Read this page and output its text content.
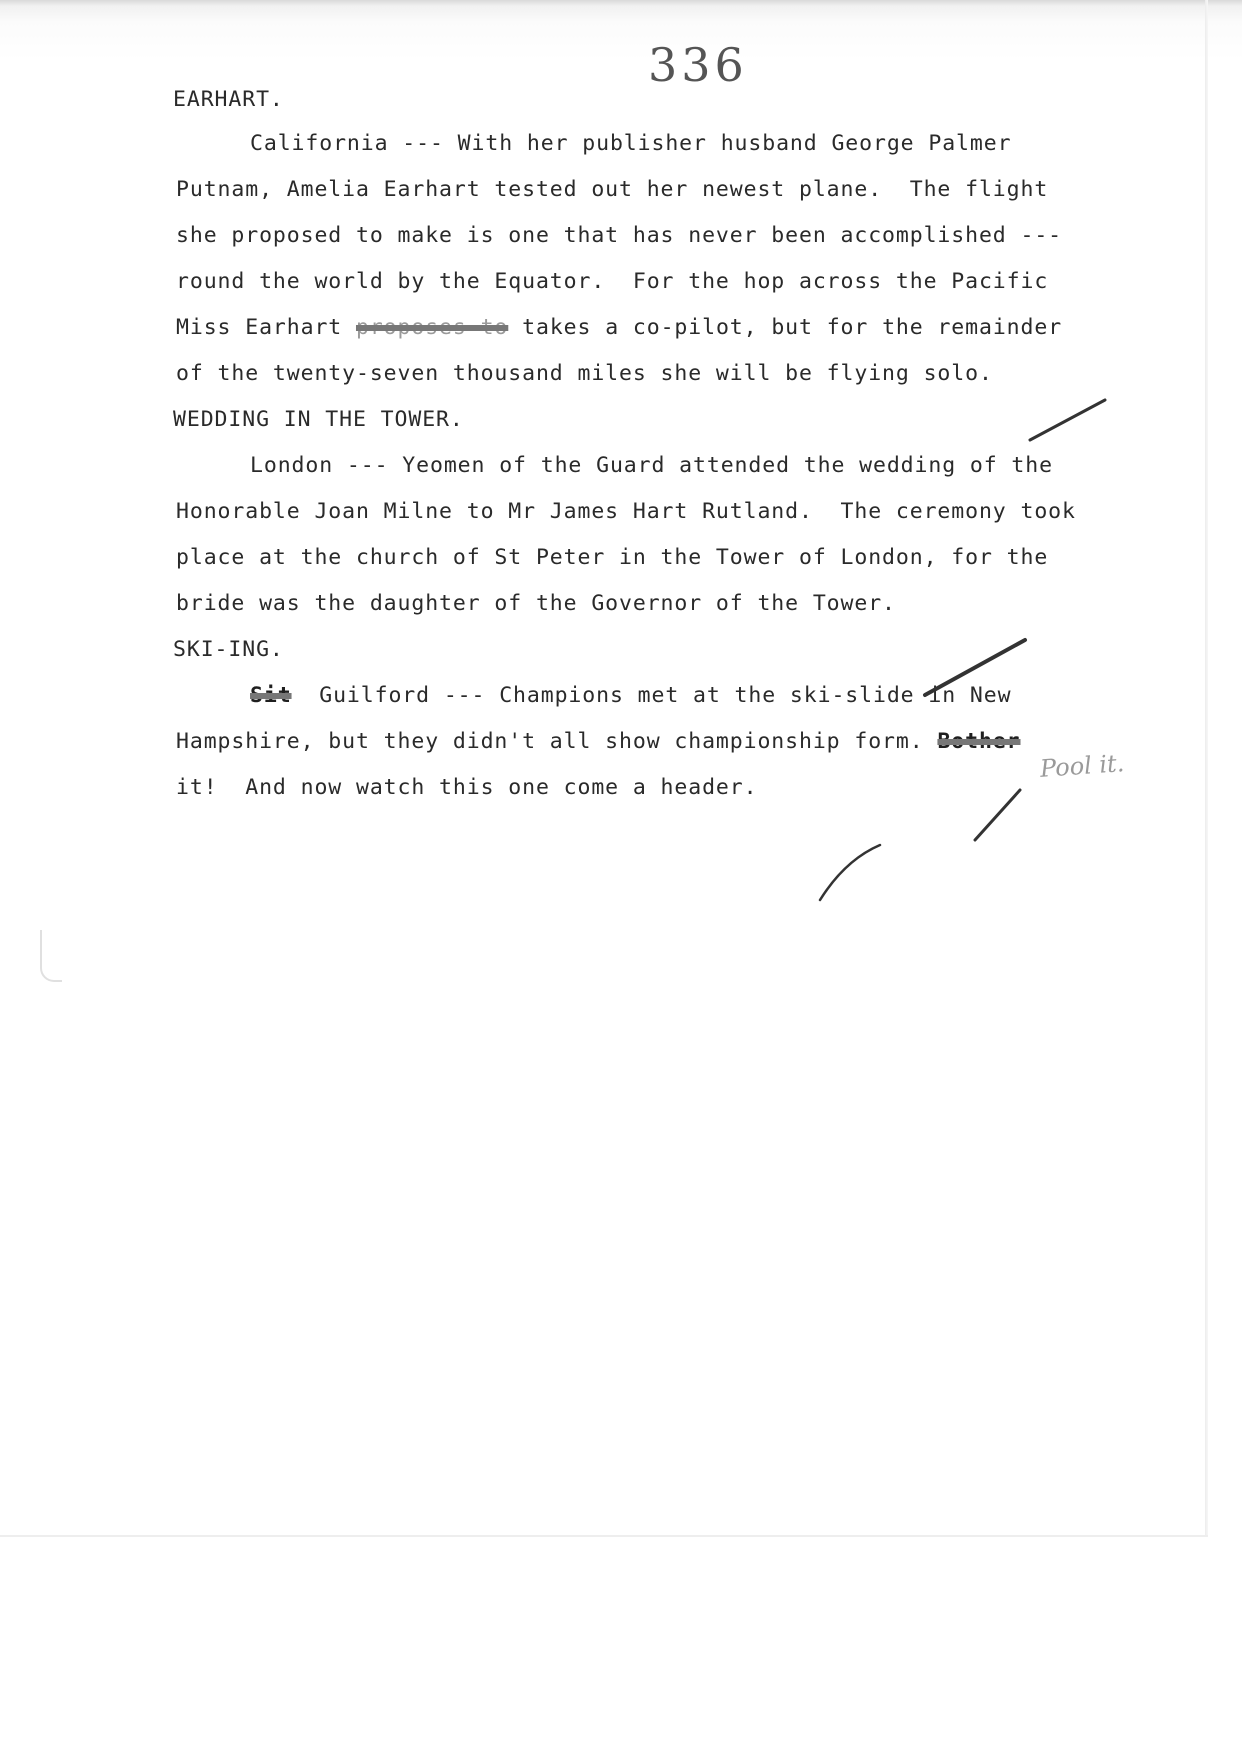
336
EARHART.
California --- With her publisher husband George Palmer
Putnam, Amelia Earhart tested out her newest plane.  The flight
she proposed to make is one that has never been accomplished ---
round the world by the Equator.  For the hop across the Pacific
Miss Earhart proposes to takes a co-pilot, but for the remainder
of the twenty-seven thousand miles she will be flying solo.
WEDDING IN THE TOWER.
London --- Yeomen of the Guard attended the wedding of the
Honorable Joan Milne to Mr James Hart Rutland.  The ceremony took
place at the church of St Peter in the Tower of London, for the
bride was the daughter of the Governor of the Tower.
SKI-ING.
Sit  Guilford --- Champions met at the ski-slide in New
Hampshire, but they didn't all show championship form. Bother
it!  And now watch this one come a header.
Pool it.
